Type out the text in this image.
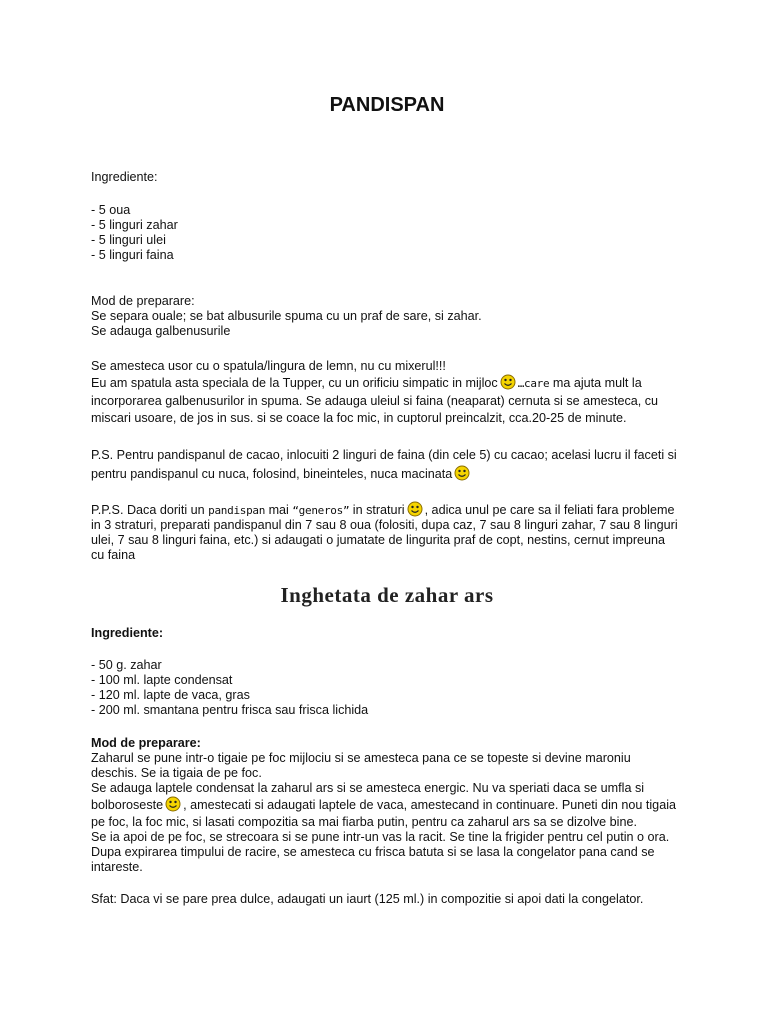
PANDISPAN
Ingrediente:
- 5 oua
- 5 linguri zahar
- 5 linguri ulei
- 5 linguri faina
Mod de preparare:
Se separa ouale; se bat albusurile spuma cu un praf de sare, si zahar.
Se adauga galbenusurile
Se amesteca usor cu o spatula/lingura de lemn, nu cu mixerul!!!
Eu am spatula asta speciala de la Tupper, cu un orificiu simpatic in mijloc …care ma ajuta mult la
incorporarea galbenusurilor in spuma. Se adauga uleiul si faina (neaparat) cernuta si se amesteca, cu
miscari usoare, de jos in sus. si se coace la foc mic, in cuptorul preincalzit, cca.20-25 de minute.
P.S. Pentru pandispanul de cacao, inlocuiti 2 linguri de faina (din cele 5) cu cacao; acelasi lucru il faceti si
pentru pandispanul cu nuca, folosind, bineinteles, nuca macinata
P.P.S. Daca doriti un pandispan mai “generos” in straturi , adica unul pe care sa il feliati fara probleme
in 3 straturi, preparati pandispanul din 7 sau 8 oua (folositi, dupa caz, 7 sau 8 linguri zahar, 7 sau 8 linguri
ulei, 7 sau 8 linguri faina, etc.) si adaugati o jumatate de lingurita praf de copt, nestins, cernut impreuna
cu faina
Inghetata de zahar ars
Ingrediente:
- 50 g. zahar
- 100 ml. lapte condensat
- 120 ml. lapte de vaca, gras
- 200 ml. smantana pentru frisca sau frisca lichida
Mod de preparare:
Zaharul se pune intr-o tigaie pe foc mijlociu si se amesteca pana ce se topeste si devine maroniu
deschis. Se ia tigaia de pe foc.
Se adauga laptele condensat la zaharul ars si se amesteca energic. Nu va speriati daca se umfla si
bolboroseste , amestecati si adaugati laptele de vaca, amestecand in continuare. Puneti din nou tigaia
pe foc, la foc mic, si lasati compozitia sa mai fiarba putin, pentru ca zaharul ars sa se dizolve bine.
Se ia apoi de pe foc, se strecoara si se pune intr-un vas la racit. Se tine la frigider pentru cel putin o ora.
Dupa expirarea timpului de racire, se amesteca cu frisca batuta si se lasa la congelator pana cand se
intareste.
Sfat: Daca vi se pare prea dulce, adaugati un iaurt (125 ml.) in compozitie si apoi dati la congelator.
